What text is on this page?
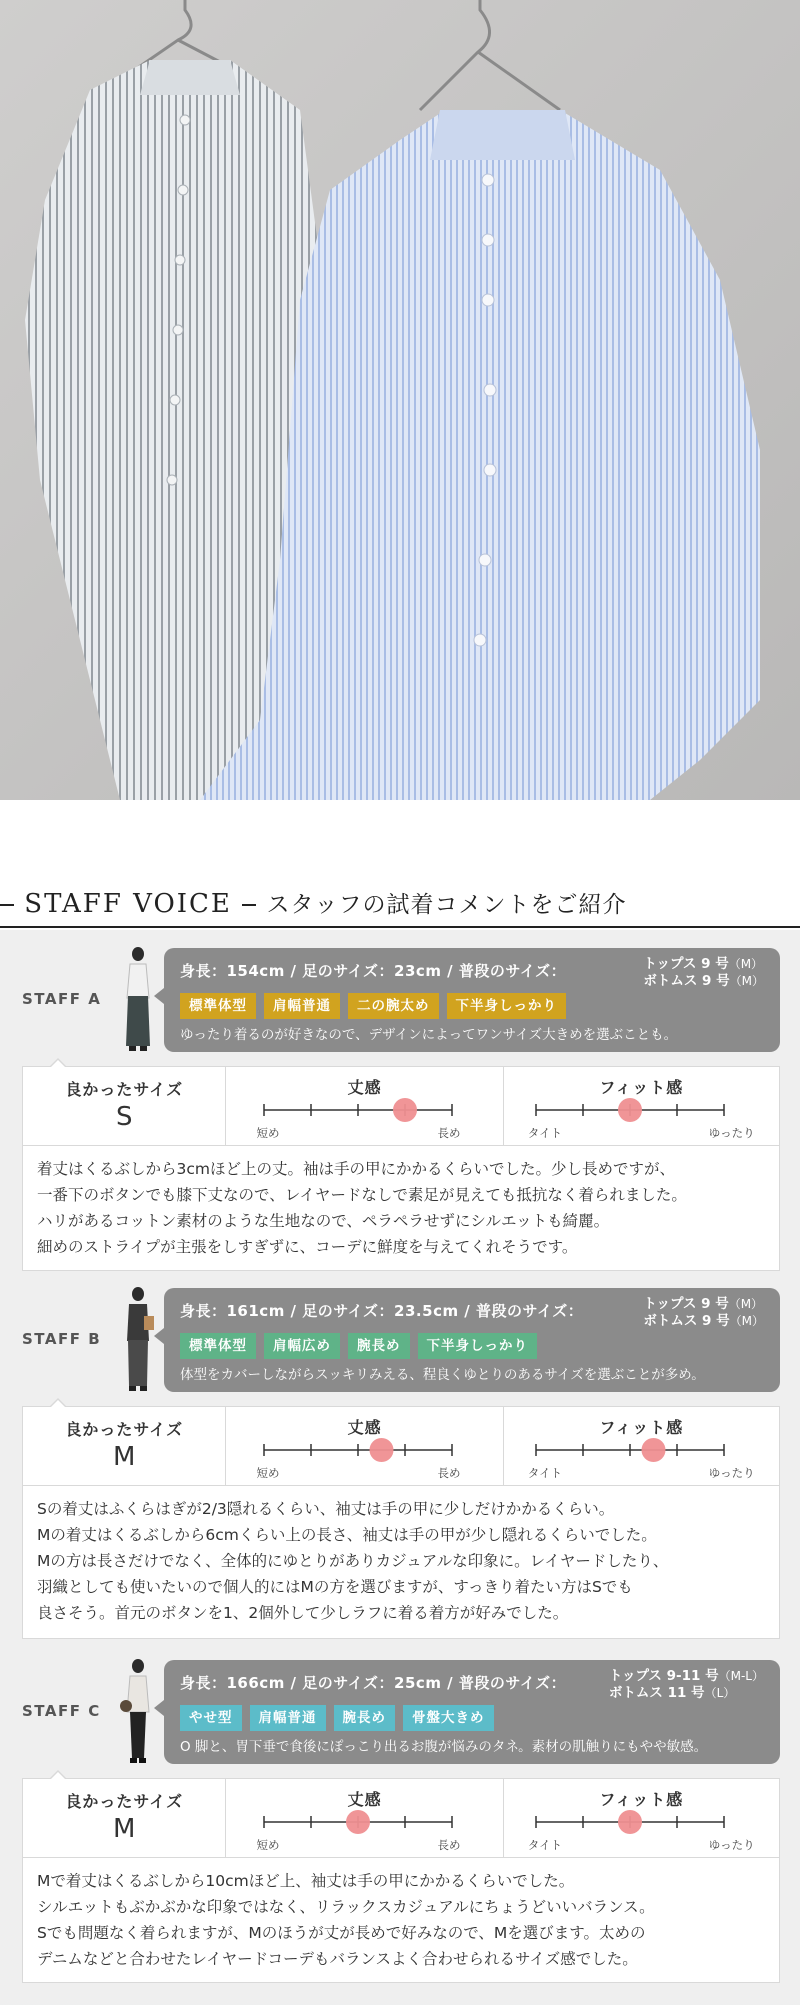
STAFF VOICE スタッフの試着コメントをご紹介
STAFF A
身長：154cm / 足のサイズ：23cm / 普段のサイズ：	トップス 9 号（M）
ボトムス 9 号（M）
標準体型	肩幅普通	二の腕太め	下半身しっかり
ゆったり着るのが好きなので、デザインによってワンサイズ大きめを選ぶことも。
良かったサイズ
S
丈感
短め	長め
フィット感
タイト	ゆったり
着丈はくるぶしから3cmほど上の丈。袖は手の甲にかかるくらいでした。少し長めですが、
一番下のボタンでも膝下丈なので、レイヤードなしで素足が見えても抵抗なく着られました。
ハリがあるコットン素材のような生地なので、ペラペラせずにシルエットも綺麗。
細めのストライプが主張をしすぎずに、コーデに鮮度を与えてくれそうです。
STAFF B
身長：161cm / 足のサイズ：23.5cm / 普段のサイズ：	トップス 9 号（M）
ボトムス 9 号（M）
標準体型	肩幅広め	腕長め	下半身しっかり
体型をカバーしながらスッキリみえる、程良くゆとりのあるサイズを選ぶことが多め。
良かったサイズ
M
丈感
短め	長め
フィット感
タイト	ゆったり
Sの着丈はふくらはぎが2/3隠れるくらい、袖丈は手の甲に少しだけかかるくらい。
Mの着丈はくるぶしから6cmくらい上の長さ、袖丈は手の甲が少し隠れるくらいでした。
Mの方は長さだけでなく、全体的にゆとりがありカジュアルな印象に。レイヤードしたり、
羽織としても使いたいので個人的にはMの方を選びますが、すっきり着たい方はSでも
良さそう。首元のボタンを1、2個外して少しラフに着る着方が好みでした。
STAFF C
身長：166cm / 足のサイズ：25cm / 普段のサイズ：	トップス 9-11 号（M-L）
ボトムス 11 号（L）
やせ型	肩幅普通	腕長め	骨盤大きめ
O 脚と、胃下垂で食後にぽっこり出るお腹が悩みのタネ。素材の肌触りにもやや敏感。
良かったサイズ
M
丈感
短め	長め
フィット感
タイト	ゆったり
Mで着丈はくるぶしから10cmほど上、袖丈は手の甲にかかるくらいでした。
シルエットもぶかぶかな印象ではなく、リラックスカジュアルにちょうどいいバランス。
Sでも問題なく着られますが、Mのほうが丈が長めで好みなので、Mを選びます。太めの
デニムなどと合わせたレイヤードコーデもバランスよく合わせられるサイズ感でした。
